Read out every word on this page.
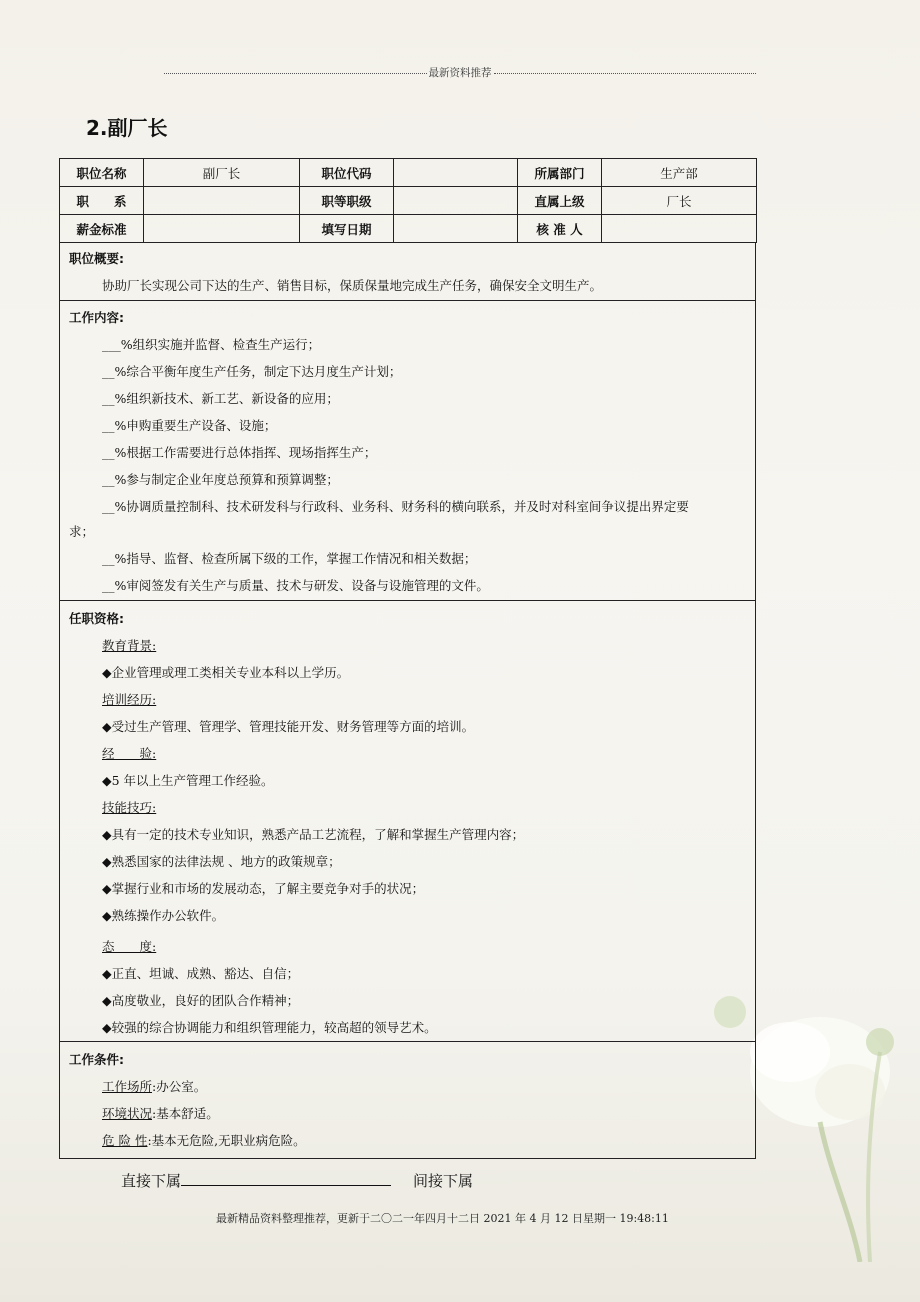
最新资料推荐
2.副厂长
职位名称	副厂长	职位代码		所属部门	生产部
职　　系		职等职级		直属上级	厂长
薪金标准		填写日期		核 准 人	
职位概要:
协助厂长实现公司下达的生产、销售目标，保质保量地完成生产任务，确保安全文明生产。
工作内容:
___%组织实施并监督、检查生产运行；
__%综合平衡年度生产任务，制定下达月度生产计划；
__%组织新技术、新工艺、新设备的应用；
__%申购重要生产设备、设施；
__%根据工作需要进行总体指挥、现场指挥生产；
__%参与制定企业年度总预算和预算调整；
__%协调质量控制科、技术研发科与行政科、业务科、财务科的横向联系，并及时对科室间争议提出界定要
求；
__%指导、监督、检查所属下级的工作，掌握工作情况和相关数据；
__%审阅签发有关生产与质量、技术与研发、设备与设施管理的文件。
任职资格:
教育背景:
◆企业管理或理工类相关专业本科以上学历。
培训经历:
◆受过生产管理、管理学、管理技能开发、财务管理等方面的培训。
经　　验:
◆5 年以上生产管理工作经验。
技能技巧:
◆具有一定的技术专业知识，熟悉产品工艺流程，了解和掌握生产管理内容；
◆熟悉国家的法律法规 、地方的政策规章；
◆掌握行业和市场的发展动态，了解主要竞争对手的状况；
◆熟练操作办公软件。
态　　度:
◆正直、坦诚、成熟、豁达、自信；
◆高度敬业，良好的团队合作精神；
◆较强的综合协调能力和组织管理能力，较高超的领导艺术。
工作条件:
工作场所:办公室。
环境状况:基本舒适。
危 险 性:基本无危险,无职业病危险。
直接下属	间接下属
最新精品资料整理推荐，更新于二〇二一年四月十二日 2021 年 4 月 12 日星期一 19:48:11
